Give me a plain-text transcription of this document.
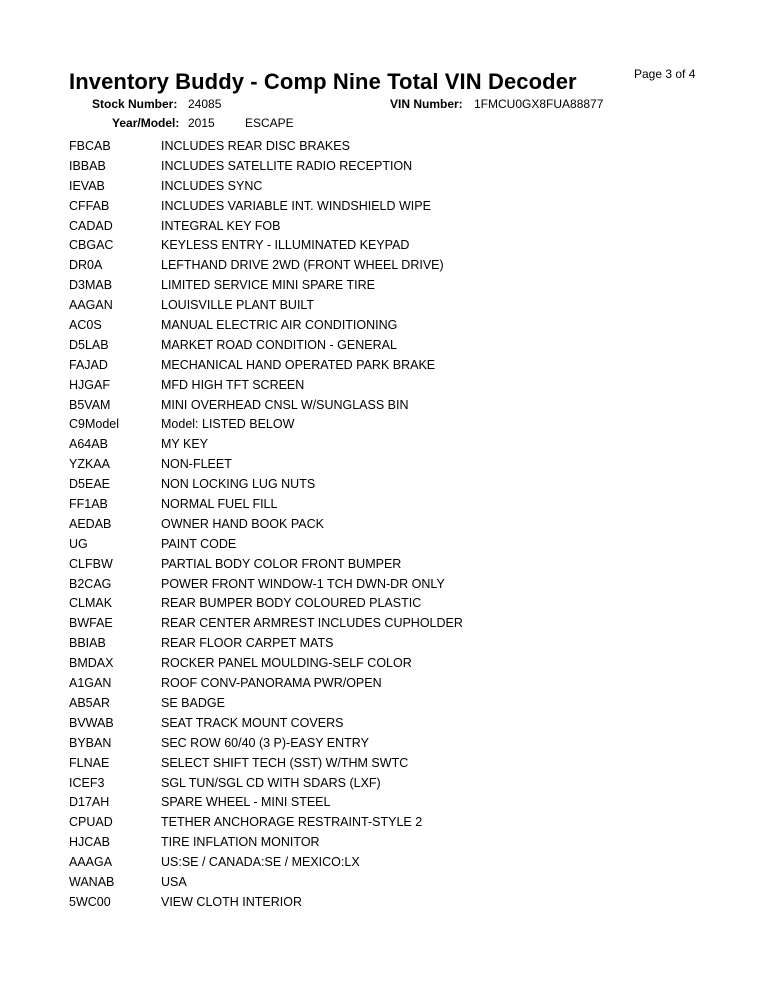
Page 3 of 4
Inventory Buddy - Comp Nine Total VIN Decoder
Stock Number: 24085	VIN Number: 1FMCU0GX8FUA88877
Year/Model: 2015	ESCAPE
FBCAB	INCLUDES REAR DISC BRAKES
IBBAB	INCLUDES SATELLITE RADIO RECEPTION
IEVAB	INCLUDES SYNC
CFFAB	INCLUDES VARIABLE INT. WINDSHIELD WIPE
CADAD	INTEGRAL KEY FOB
CBGAC	KEYLESS ENTRY - ILLUMINATED KEYPAD
DR0A	LEFTHAND DRIVE 2WD (FRONT WHEEL DRIVE)
D3MAB	LIMITED SERVICE MINI SPARE TIRE
AAGAN	LOUISVILLE PLANT BUILT
AC0S	MANUAL ELECTRIC AIR CONDITIONING
D5LAB	MARKET ROAD CONDITION - GENERAL
FAJAD	MECHANICAL HAND OPERATED PARK BRAKE
HJGAF	MFD HIGH TFT SCREEN
B5VAM	MINI OVERHEAD CNSL W/SUNGLASS BIN
C9Model	Model: LISTED BELOW
A64AB	MY KEY
YZKAA	NON-FLEET
D5EAE	NON LOCKING LUG NUTS
FF1AB	NORMAL FUEL FILL
AEDAB	OWNER HAND BOOK PACK
UG	PAINT CODE
CLFBW	PARTIAL BODY COLOR FRONT BUMPER
B2CAG	POWER FRONT WINDOW-1 TCH DWN-DR ONLY
CLMAK	REAR BUMPER BODY COLOURED PLASTIC
BWFAE	REAR CENTER ARMREST INCLUDES CUPHOLDER
BBIAB	REAR FLOOR CARPET MATS
BMDAX	ROCKER PANEL MOULDING-SELF COLOR
A1GAN	ROOF CONV-PANORAMA PWR/OPEN
AB5AR	SE BADGE
BVWAB	SEAT TRACK MOUNT COVERS
BYBAN	SEC ROW 60/40 (3 P)-EASY ENTRY
FLNAE	SELECT SHIFT TECH (SST) W/THM SWTC
ICEF3	SGL TUN/SGL CD WITH SDARS (LXF)
D17AH	SPARE WHEEL - MINI STEEL
CPUAD	TETHER ANCHORAGE RESTRAINT-STYLE 2
HJCAB	TIRE INFLATION MONITOR
AAAGA	US:SE / CANADA:SE / MEXICO:LX
WANAB	USA
5WC00	VIEW CLOTH INTERIOR
